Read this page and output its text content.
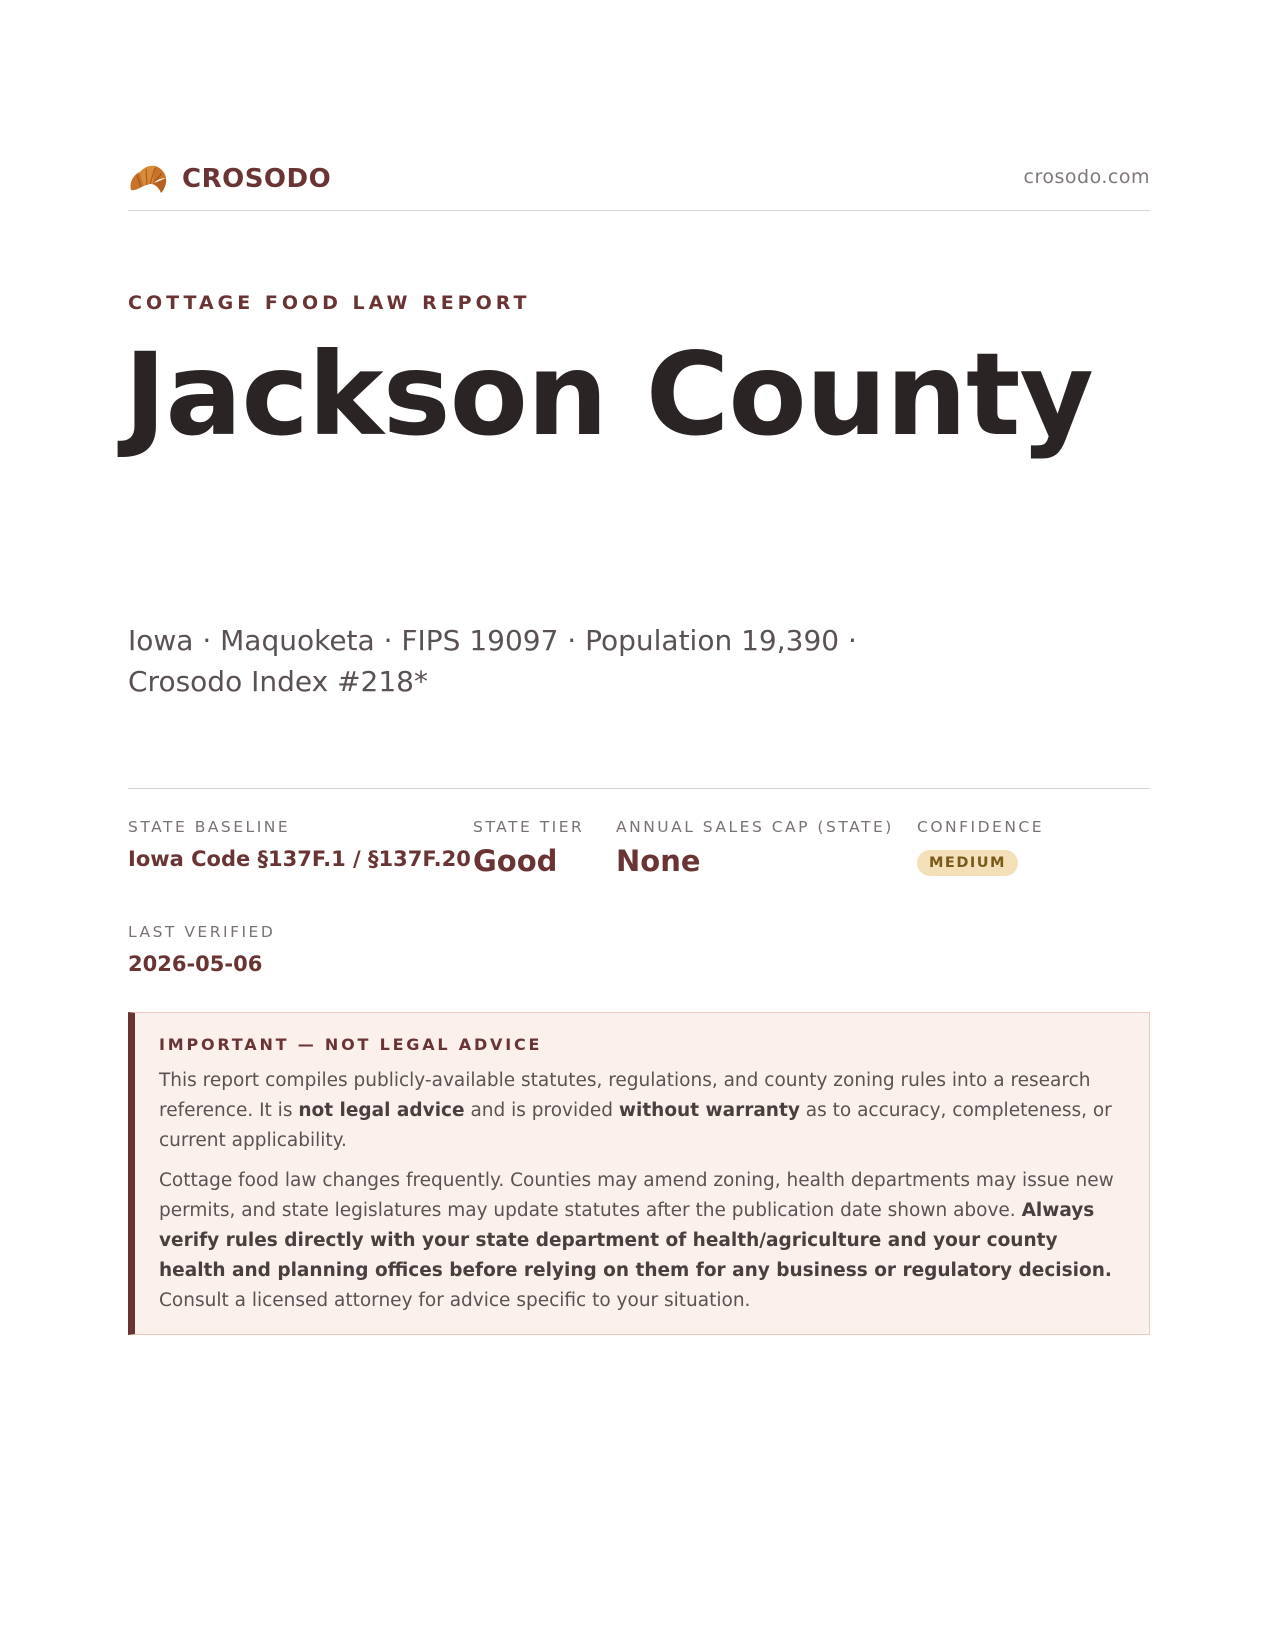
CROSODO	crosodo.com
COTTAGE FOOD LAW REPORT
Jackson County
Iowa · Maquoketa · FIPS 19097 · Population 19,390 · Crosodo Index #218*
STATE BASELINE
Iowa Code §137F.1 / §137F.20
STATE TIER
Good
ANNUAL SALES CAP (STATE)
None
CONFIDENCE
MEDIUM
LAST VERIFIED
2026-05-06
IMPORTANT — NOT LEGAL ADVICE

This report compiles publicly-available statutes, regulations, and county zoning rules into a research reference. It is not legal advice and is provided without warranty as to accuracy, completeness, or current applicability.

Cottage food law changes frequently. Counties may amend zoning, health departments may issue new permits, and state legislatures may update statutes after the publication date shown above. Always verify rules directly with your state department of health/agriculture and your county health and planning offices before relying on them for any business or regulatory decision. Consult a licensed attorney for advice specific to your situation.
